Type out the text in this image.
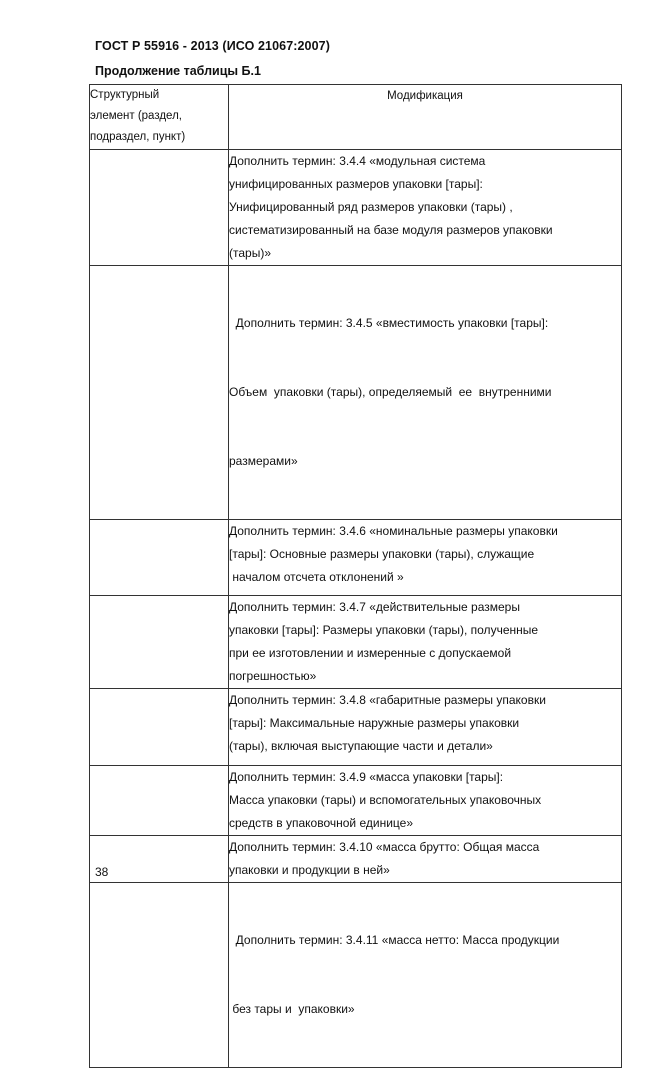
ГОСТ Р 55916 - 2013 (ИСО 21067:2007)
Продолжение таблицы Б.1
Структурный
элемент (раздел,
подраздел, пункт)	Модификация

	Дополнить термин: 3.4.4 «модульная система
унифицированных размеров упаковки [тары]:
Унифицированный ряд размеров упаковки (тары) ,
систематизированный на базе модуля размеров упаковки
(тары)»

	Дополнить термин: 3.4.5 «вместимость упаковки [тары]:

Объем  упаковки (тары), определяемый  ее  внутренними

размерами»

	Дополнить термин: 3.4.6 «номинальные размеры упаковки
[тары]: Основные размеры упаковки (тары), служащие
началом отсчета отклонений »

	Дополнить термин: 3.4.7 «действительные размеры
упаковки [тары]: Размеры упаковки (тары), полученные
при ее изготовлении и измеренные с допускаемой
погрешностью»

	Дополнить термин: 3.4.8 «габаритные размеры упаковки
[тары]: Максимальные наружные размеры упаковки
(тары), включая выступающие части и детали»

	Дополнить термин: 3.4.9 «масса упаковки [тары]:
Масса упаковки (тары) и вспомогательных упаковочных
средств в упаковочной единице»

	Дополнить термин: 3.4.10 «масса брутто: Общая масса
упаковки и продукции в ней»

	Дополнить термин: 3.4.11 «масса нетто: Масса продукции

без тары и  упаковки»

38
